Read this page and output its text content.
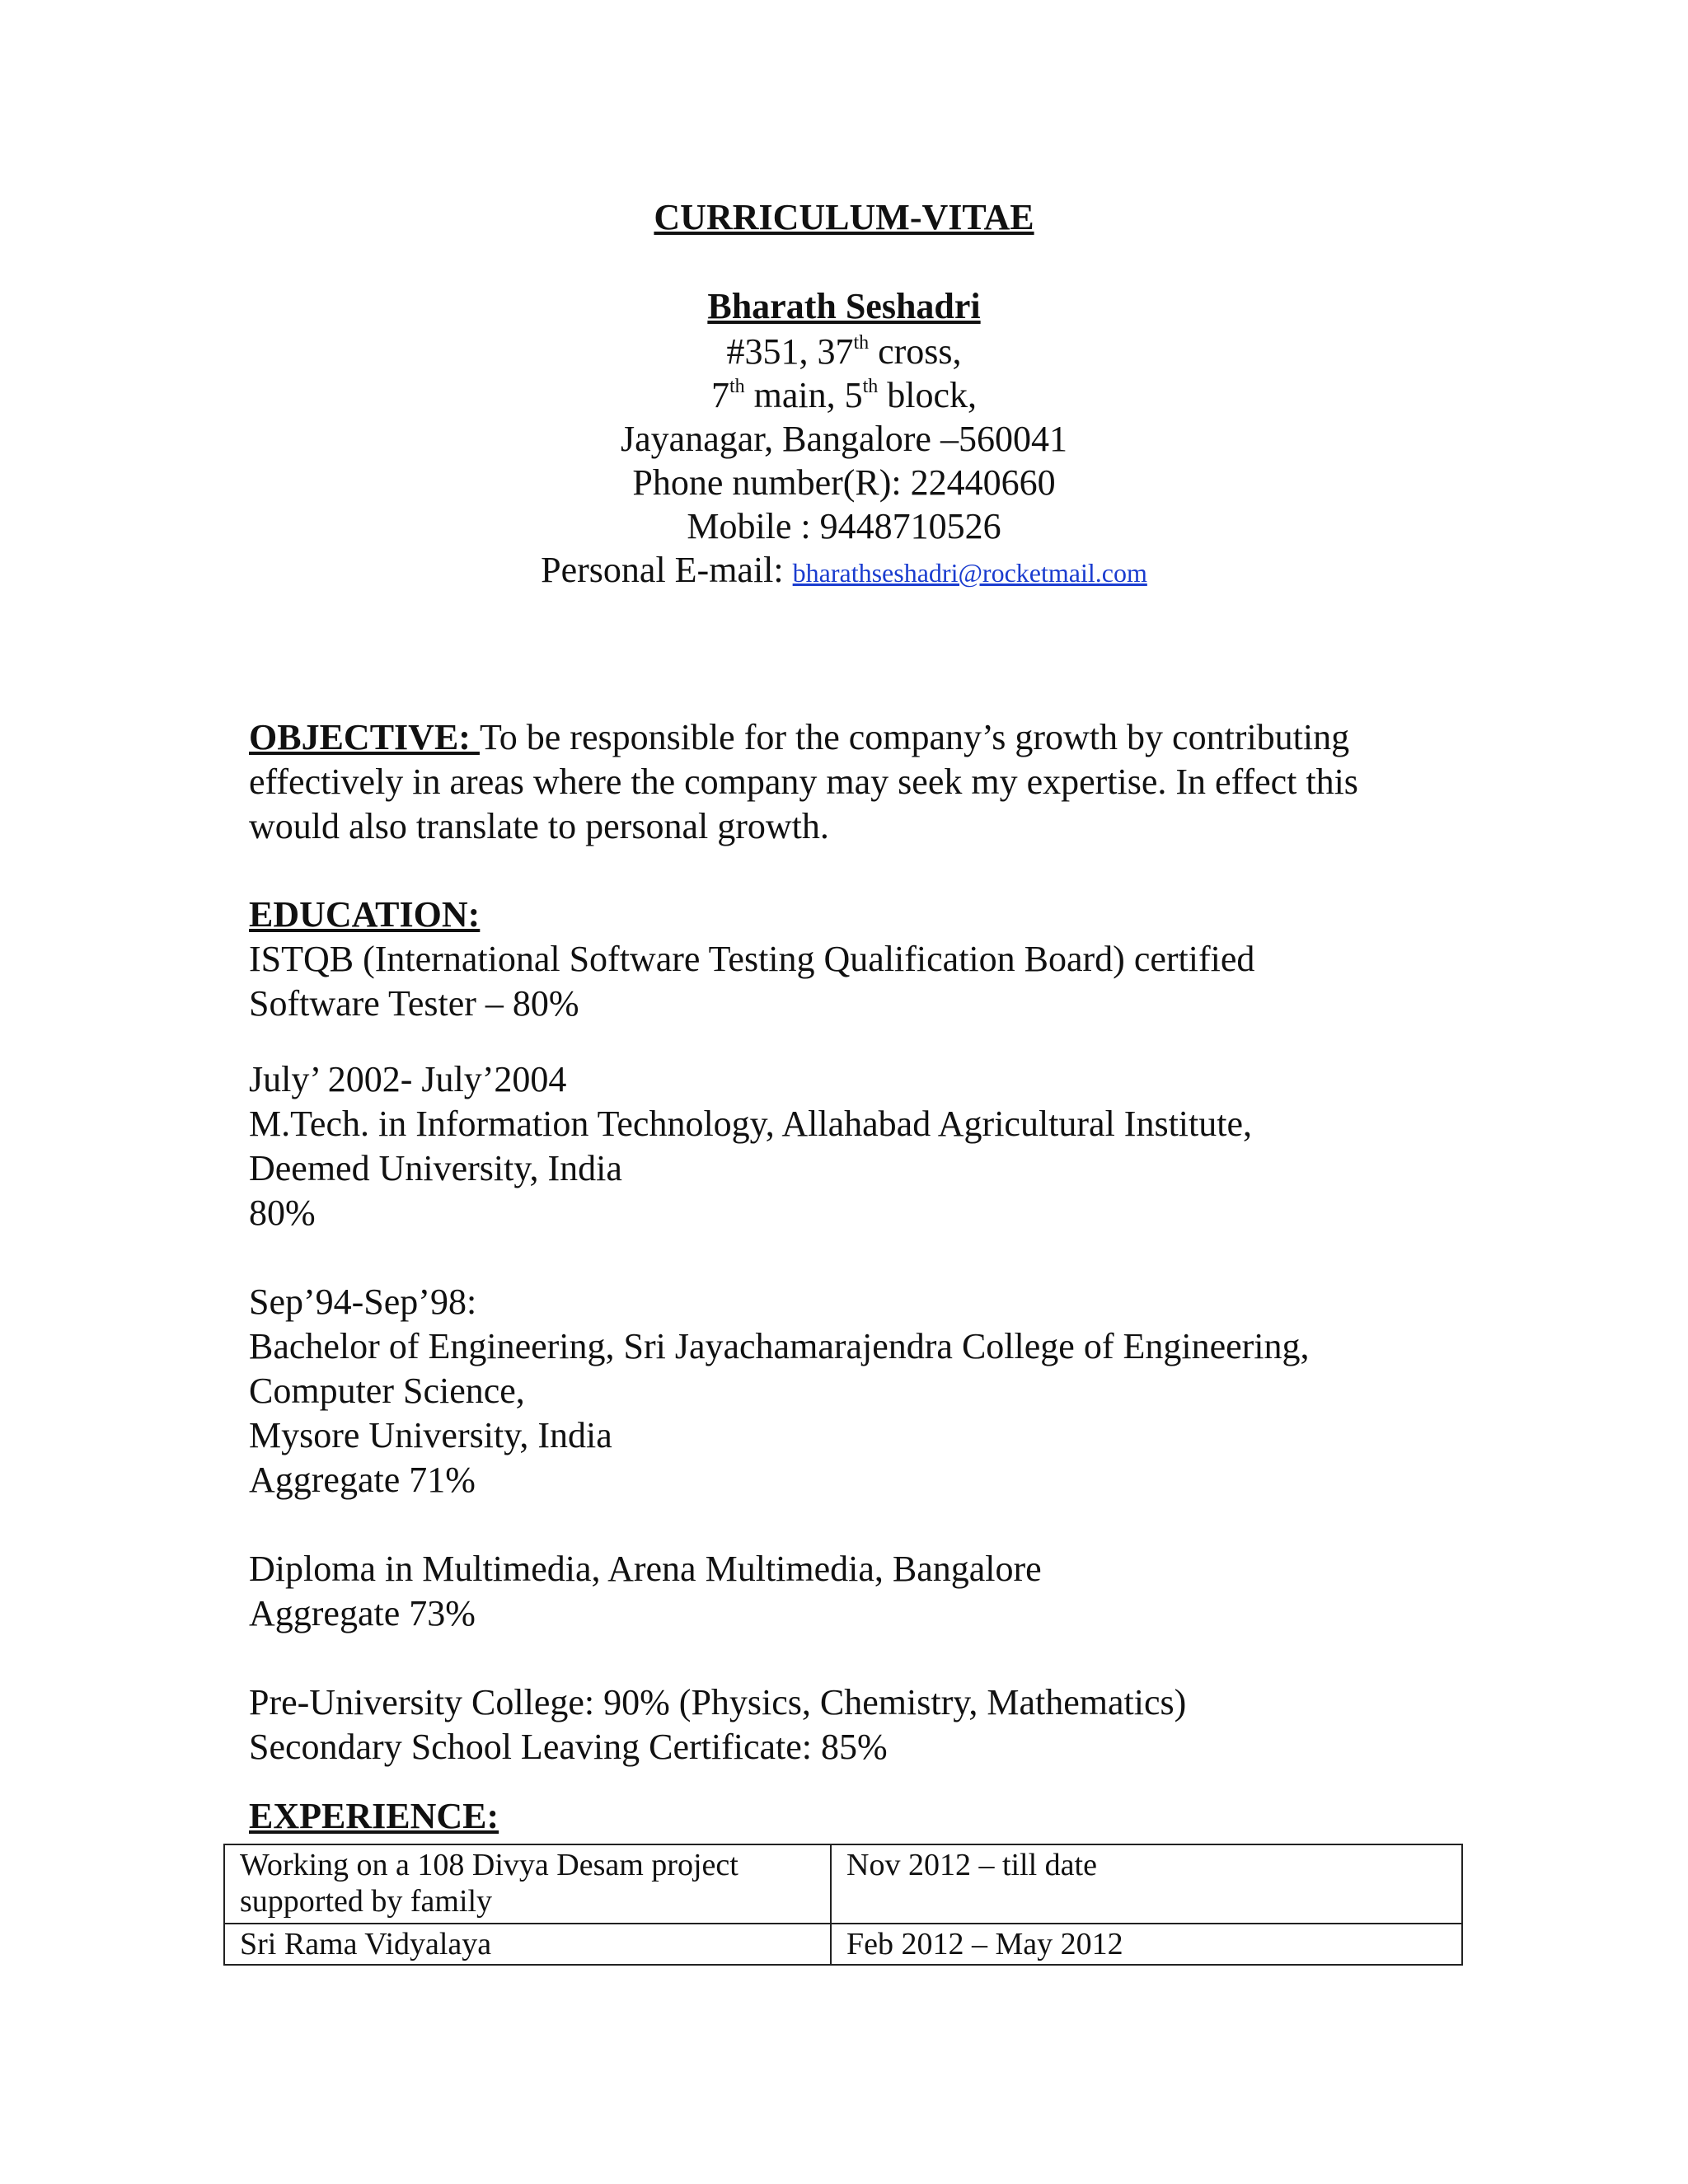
CURRICULUM-VITAE
Bharath Seshadri
#351, 37th cross,
7th main, 5th block,
Jayanagar, Bangalore –560041
Phone number(R): 22440660
Mobile : 9448710526
Personal E-mail: bharathseshadri@rocketmail.com
OBJECTIVE: To be responsible for the company’s growth by contributing effectively in areas where the company may seek my expertise. In effect this would also translate to personal growth.
EDUCATION:
ISTQB (International Software Testing Qualification Board) certified
Software Tester – 80%
July’ 2002- July’2004
M.Tech. in Information Technology, Allahabad Agricultural Institute,
Deemed University, India
80%
Sep’94-Sep’98:
Bachelor of Engineering, Sri Jayachamarajendra College of Engineering,
Computer Science,
Mysore University, India
Aggregate 71%
Diploma in Multimedia, Arena Multimedia, Bangalore
Aggregate 73%
Pre-University College: 90% (Physics, Chemistry, Mathematics)
Secondary School Leaving Certificate: 85%
EXPERIENCE:
Working on a 108 Divya Desam project
supported by family	Nov 2012 – till date

Sri Rama Vidyalaya	Feb 2012 – May 2012
